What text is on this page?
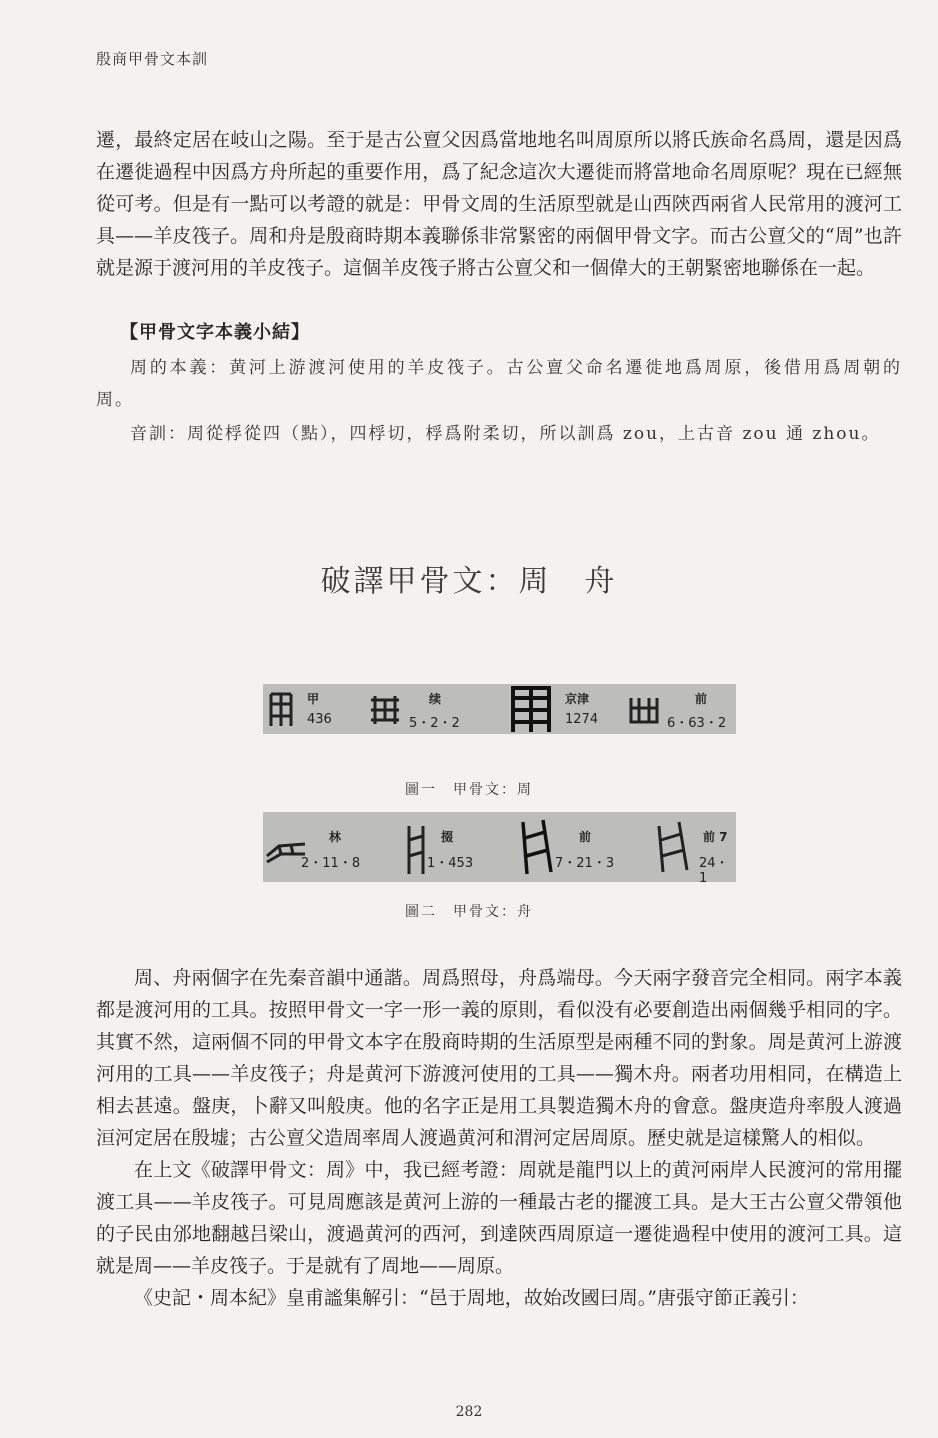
殷商甲骨文本訓

遷，最終定居在岐山之陽。至于是古公亶父因爲當地地名叫周原所以將氏族命名爲周，還是因爲在遷徙過程中因爲方舟所起的重要作用，爲了紀念這次大遷徙而將當地命名周原呢？現在已經無從可考。但是有一點可以考證的就是：甲骨文周的生活原型就是山西陝西兩省人民常用的渡河工具——羊皮筏子。周和舟是殷商時期本義聯係非常緊密的兩個甲骨文字。而古公亶父的“周”也許就是源于渡河用的羊皮筏子。這個羊皮筏子將古公亶父和一個偉大的王朝緊密地聯係在一起。

【甲骨文字本義小結】

周的本義：黄河上游渡河使用的羊皮筏子。古公亶父命名遷徙地爲周原，後借用爲周朝的周。

音訓：周從桴從四（點），四桴切，桴爲附柔切，所以訓爲 zou，上古音 zou 通 zhou。

破譯甲骨文：周　舟
甲
436
续
5・2・2
京津
1274
前
6・63・2
圖一　甲骨文：周
林
2・11・8
掇
1・453
前
7・21・3
前 7
24・1
圖二　甲骨文：舟

周、舟兩個字在先秦音韻中通諧。周爲照母，舟爲端母。今天兩字發音完全相同。兩字本義都是渡河用的工具。按照甲骨文一字一形一義的原則，看似没有必要創造出兩個幾乎相同的字。其實不然，這兩個不同的甲骨文本字在殷商時期的生活原型是兩種不同的對象。周是黄河上游渡河用的工具——羊皮筏子；舟是黄河下游渡河使用的工具——獨木舟。兩者功用相同，在構造上相去甚遠。盤庚，卜辭又叫般庚。他的名字正是用工具製造獨木舟的會意。盤庚造舟率殷人渡過洹河定居在殷墟；古公亶父造周率周人渡過黄河和渭河定居周原。歷史就是這樣驚人的相似。

在上文《破譯甲骨文：周》中，我已經考證：周就是龍門以上的黄河兩岸人民渡河的常用擺渡工具——羊皮筏子。可見周應該是黄河上游的一種最古老的擺渡工具。是大王古公亶父帶領他的子民由邠地翻越吕梁山，渡過黄河的西河，到達陝西周原這一遷徙過程中使用的渡河工具。這就是周——羊皮筏子。于是就有了周地——周原。

《史記・周本紀》皇甫謐集解引：“邑于周地，故始改國曰周。”唐張守節正義引：

282
